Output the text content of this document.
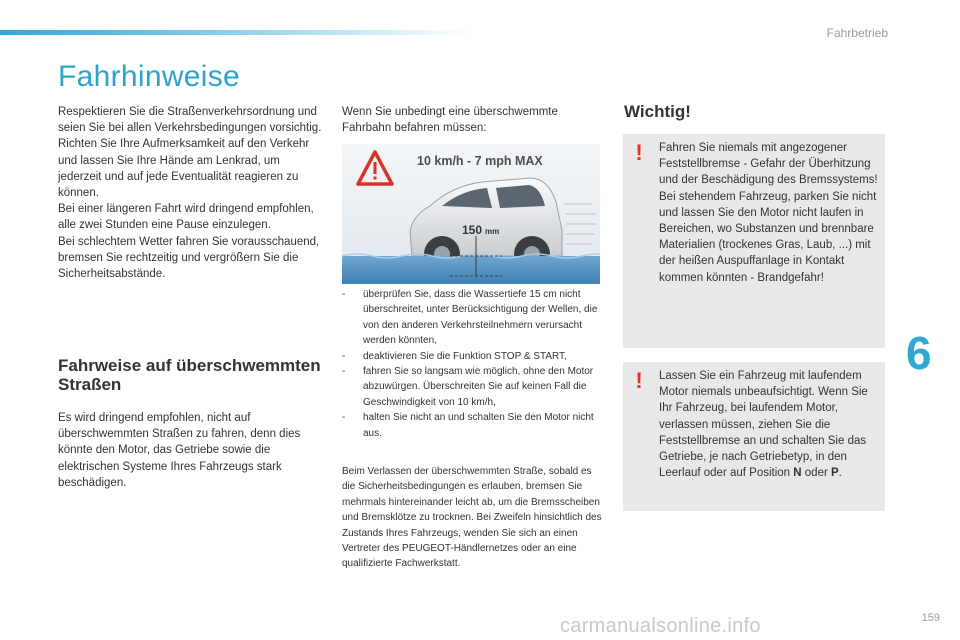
Fahrbetrieb
Fahrhinweise

Respektieren Sie die Straßenverkehrsordnung und seien Sie bei allen Verkehrsbedingungen vorsichtig.

Richten Sie Ihre Aufmerksamkeit auf den Verkehr und lassen Sie Ihre Hände am Lenkrad, um jederzeit und auf jede Eventualität reagieren zu können.

Bei einer längeren Fahrt wird dringend empfohlen, alle zwei Stunden eine Pause einzulegen.

Bei schlechtem Wetter fahren Sie vorausschauend, bremsen Sie rechtzeitig und vergrößern Sie die Sicherheitsabstände.

Fahrweise auf überschwemmten Straßen

Es wird dringend empfohlen, nicht auf überschwemmten Straßen zu fahren, denn dies könnte den Motor, das Getriebe sowie die elektrischen Systeme Ihres Fahrzeugs stark beschädigen.

Wenn Sie unbedingt eine überschwemmte Fahrbahn befahren müssen:

10 km/h - 7 mph MAX
150 mm
- überprüfen Sie, dass die Wassertiefe 15 cm nicht überschreitet, unter Berücksichtigung der Wellen, die von den anderen Verkehrsteilnehmern verursacht werden könnten,
- deaktivieren Sie die Funktion STOP & START,
- fahren Sie so langsam wie möglich, ohne den Motor abzuwürgen. Überschreiten Sie auf keinen Fall die Geschwindigkeit von 10 km/h,
- halten Sie nicht an und schalten Sie den Motor nicht aus.

Beim Verlassen der überschwemmten Straße, sobald es die Sicherheitsbedingungen es erlauben, bremsen Sie mehrmals hintereinander leicht ab, um die Bremsscheiben und Bremsklötze zu trocknen. Bei Zweifeln hinsichtlich des Zustands Ihres Fahrzeugs, wenden Sie sich an einen Vertreter des PEUGEOT-Händlernetzes oder an eine qualifizierte Fachwerkstatt.

Wichtig!
!	Fahren Sie niemals mit angezogener Feststellbremse - Gefahr der Überhitzung und der Beschädigung des Bremssystems! Bei stehendem Fahrzeug, parken Sie nicht und lassen Sie den Motor nicht laufen in Bereichen, wo Substanzen und brennbare Materialien (trockenes Gras, Laub, ...) mit der heißen Auspuffanlage in Kontakt kommen könnten - Brandgefahr!

!	Lassen Sie ein Fahrzeug mit laufendem Motor niemals unbeaufsichtigt. Wenn Sie Ihr Fahrzeug, bei laufendem Motor, verlassen müssen, ziehen Sie die Feststellbremse an und schalten Sie das Getriebe, je nach Getriebetyp, in den Leerlauf oder auf Position N oder P.

6
carmanualsonline.info	159
